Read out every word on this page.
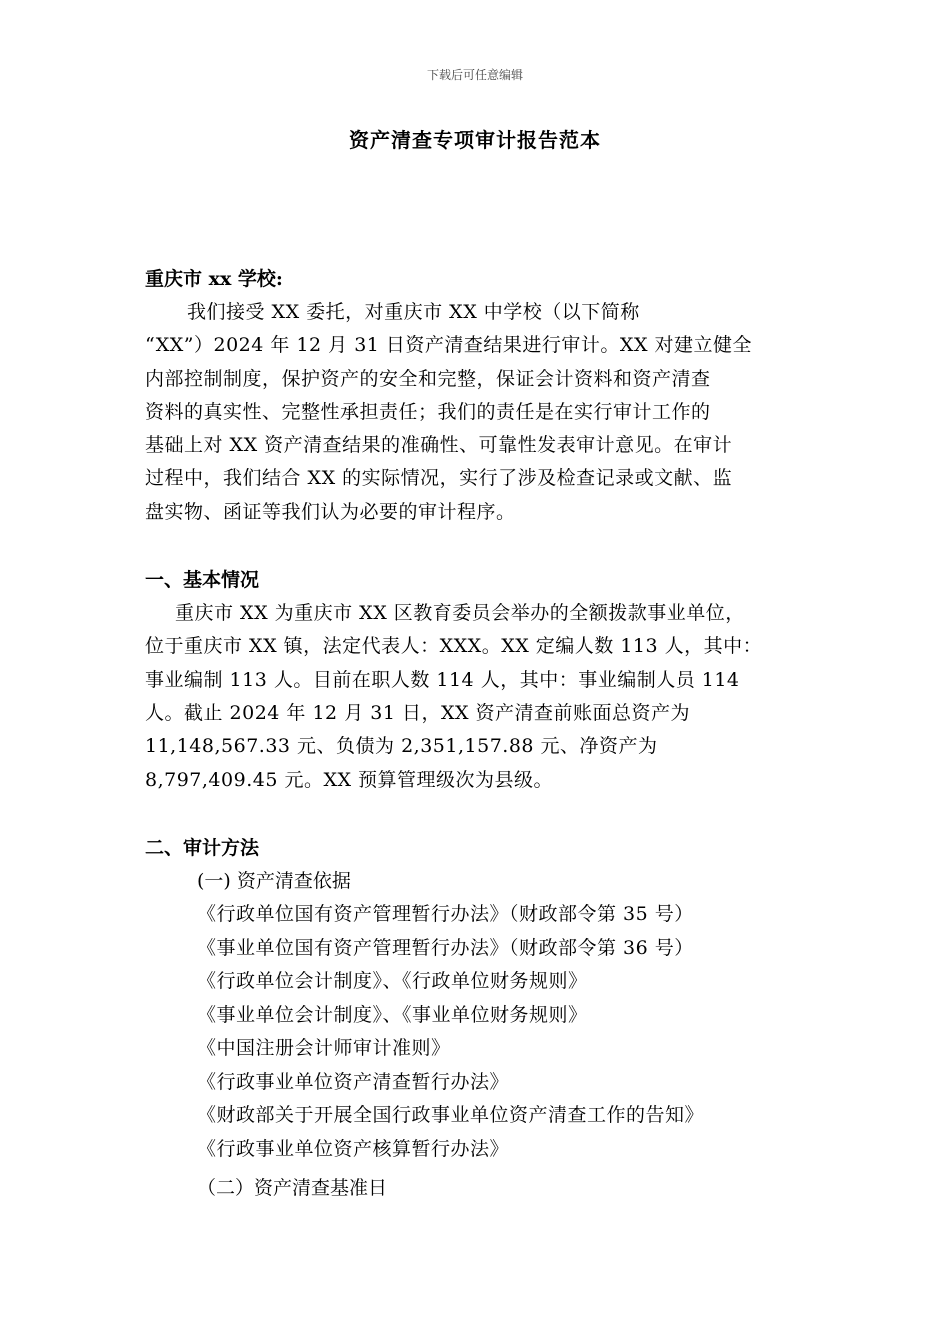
下载后可任意编辑
资产清查专项审计报告范本

重庆市 xx 学校:

我们接受 XX 委托，对重庆市 XX 中学校（以下简称

“XX”）2024 年 12 月 31 日资产清查结果进行审计。XX 对建立健全

内部控制制度，保护资产的安全和完整，保证会计资料和资产清查

资料的真实性、完整性承担责任；我们的责任是在实行审计工作的

基础上对 XX 资产清查结果的准确性、可靠性发表审计意见。在审计

过程中，我们结合 XX 的实际情况，实行了涉及检查记录或文献、监

盘实物、函证等我们认为必要的审计程序。

一、基本情况

重庆市 XX 为重庆市 XX 区教育委员会举办的全额拨款事业单位，

位于重庆市 XX 镇，法定代表人：XXX。XX 定编人数 113 人，其中：

事业编制 113 人。目前在职人数 114 人，其中：事业编制人员 114

人。截止 2024 年 12 月 31 日，XX 资产清查前账面总资产为

11,148,567.33 元、负债为 2,351,157.88 元、净资产为

8,797,409.45 元。XX 预算管理级次为县级。

二、审计方法

(一) 资产清查依据

《行政单位国有资产管理暂行办法》（财政部令第 35 号）

《事业单位国有资产管理暂行办法》（财政部令第 36 号）

《行政单位会计制度》、《行政单位财务规则》

《事业单位会计制度》、《事业单位财务规则》

《中国注册会计师审计准则》

《行政事业单位资产清查暂行办法》

《财政部关于开展全国行政事业单位资产清查工作的告知》

《行政事业单位资产核算暂行办法》

（二）资产清查基准日
